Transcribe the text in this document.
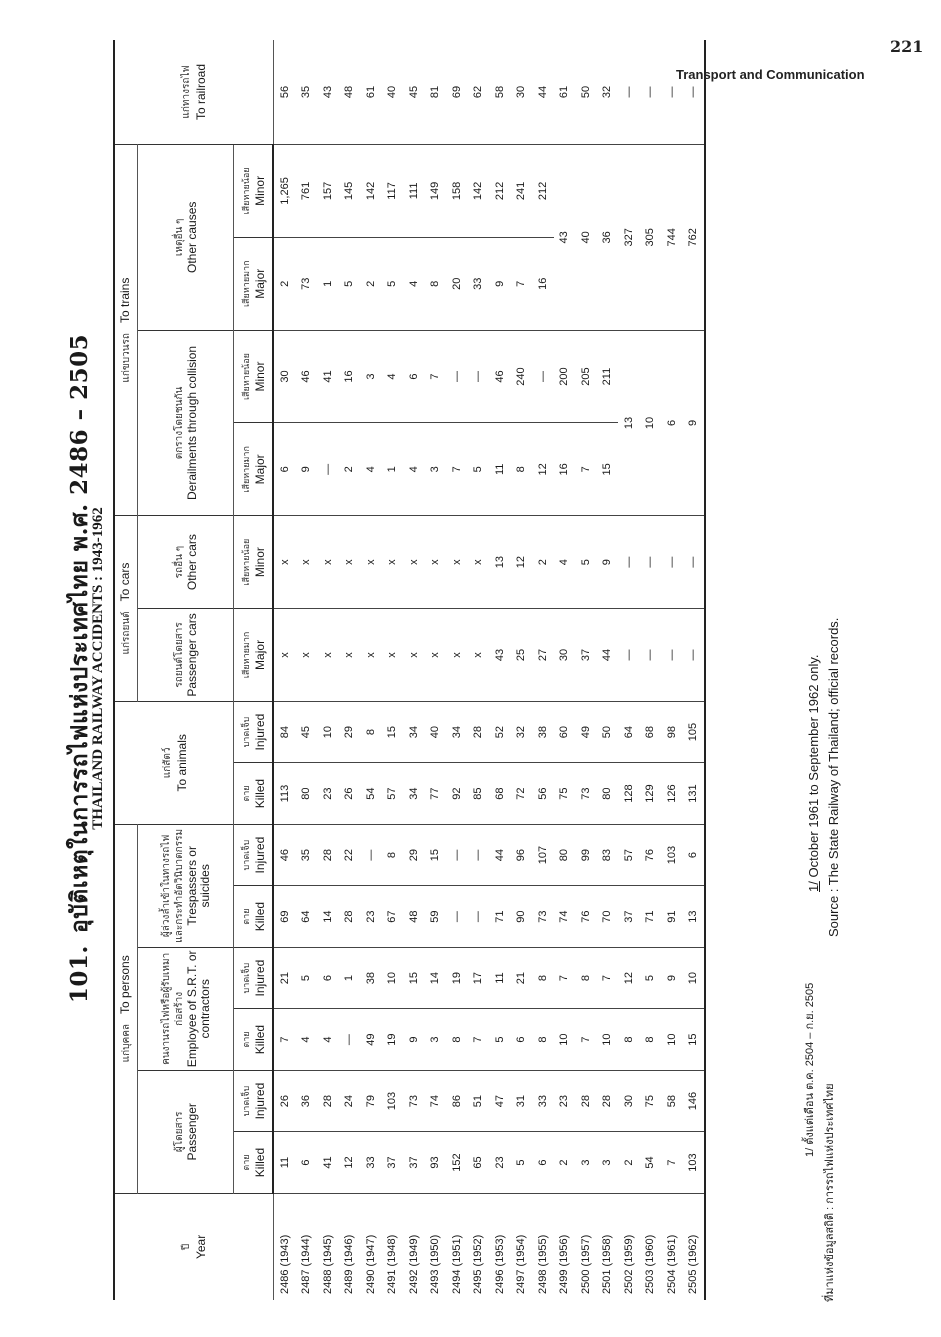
Transport and Communication
221
101.อุบัติเหตุในการรถไฟแห่งประเทศไทย พ.ศ. 2486 – 2505
THAILAND RAILWAY ACCIDENTS : 1943-1962
ปี Year	แก่บุคคลTo persons						แก่สัตว์ To animals		แก่รถยนต์To cars		แก่ขบวนรถTo trains				แก่ทางรถไฟ To railroad

	ผู้โดยสาร Passenger		คนงานรถไฟหรือผู้รับเหมาก่อสร้าง Employee of S.R.T. or contractors		ผู้ล่วงล้ำเข้าในทางรถไฟ และกระทำอัตวินิบาตกรรม Trespassers or suicides				รถยนต์โดยสาร Passenger cars	รถอื่น ๆ Other cars	ตกรางโดยชนกัน Derailments through collision		เหตุอื่น ๆ Other causes		

	ตาย Killed	บาดเจ็บ Injured	ตาย Killed	บาดเจ็บ Injured	ตาย Killed	บาดเจ็บ Injured	ตาย Killed	บาดเจ็บ Injured	เสียหายมาก Major	เสียหายน้อย Minor	เสียหายมาก Major	เสียหายน้อย Minor	เสียหายมาก Major	เสียหายน้อย Minor	
2486 (1943)	11	26	7	21	69	46	113	84	x	x	6	30	2	1,265	56
2487 (1944)	6	36	4	5	64	35	80	45	x	x	9	46	73	761	35
2488 (1945)	41	28	4	6	14	28	23	10	x	x	—	41	1	157	43
2489 (1946)	12	24	—	1	28	22	26	29	x	x	2	16	5	145	48
2490 (1947)	33	79	49	38	23	—	54	8	x	x	4	3	2	142	61
2491 (1948)	37	103	19	10	67	8	57	15	x	x	1	4	5	117	40
2492 (1949)	37	73	9	15	48	29	34	34	x	x	4	6	4	111	45
2493 (1950)	93	74	3	14	59	15	77	40	x	x	3	7	8	149	81
2494 (1951)	152	86	8	19	—	—	92	34	x	x	7	—	20	158	69
2495 (1952)	65	51	7	17	—	—	85	28	x	x	5	—	33	142	62
2496 (1953)	23	47	5	11	71	44	68	52	43	13	11	46	9	212	58
2497 (1954)	5	31	6	21	90	96	72	32	25	12	8	240	7	241	30
2498 (1955)	6	33	8	8	73	107	56	38	27	2	12	—	16	212	44
2499 (1956)	2	23	10	7	74	80	75	60	30	4	16	200	43		61
2500 (1957)	3	28	7	8	76	99	73	49	37	5	7	205	40		50
2501 (1958)	3	28	10	7	70	83	80	50	44	9	15	211	36		32
2502 (1959)	2	30	8	12	37	57	128	64	—	—	13		327		—
2503 (1960)	54	75	8	5	71	76	129	68	—	—	10		305		—
2504 (1961)	7	58	10	9	91	103	126	98	—	—	6		744		—
2505 (1962)	103	146	15	10	13	6	131	105	—	—	9		762		—
1/ ตั้งแต่เดือน ต.ค. 2504 – ก.ย. 2505
ที่มาแห่งข้อมูลสถิติ : การรถไฟแห่งประเทศไทย
1/ October 1961 to September 1962 only.
Source : The State Railway of Thailand; official records.
